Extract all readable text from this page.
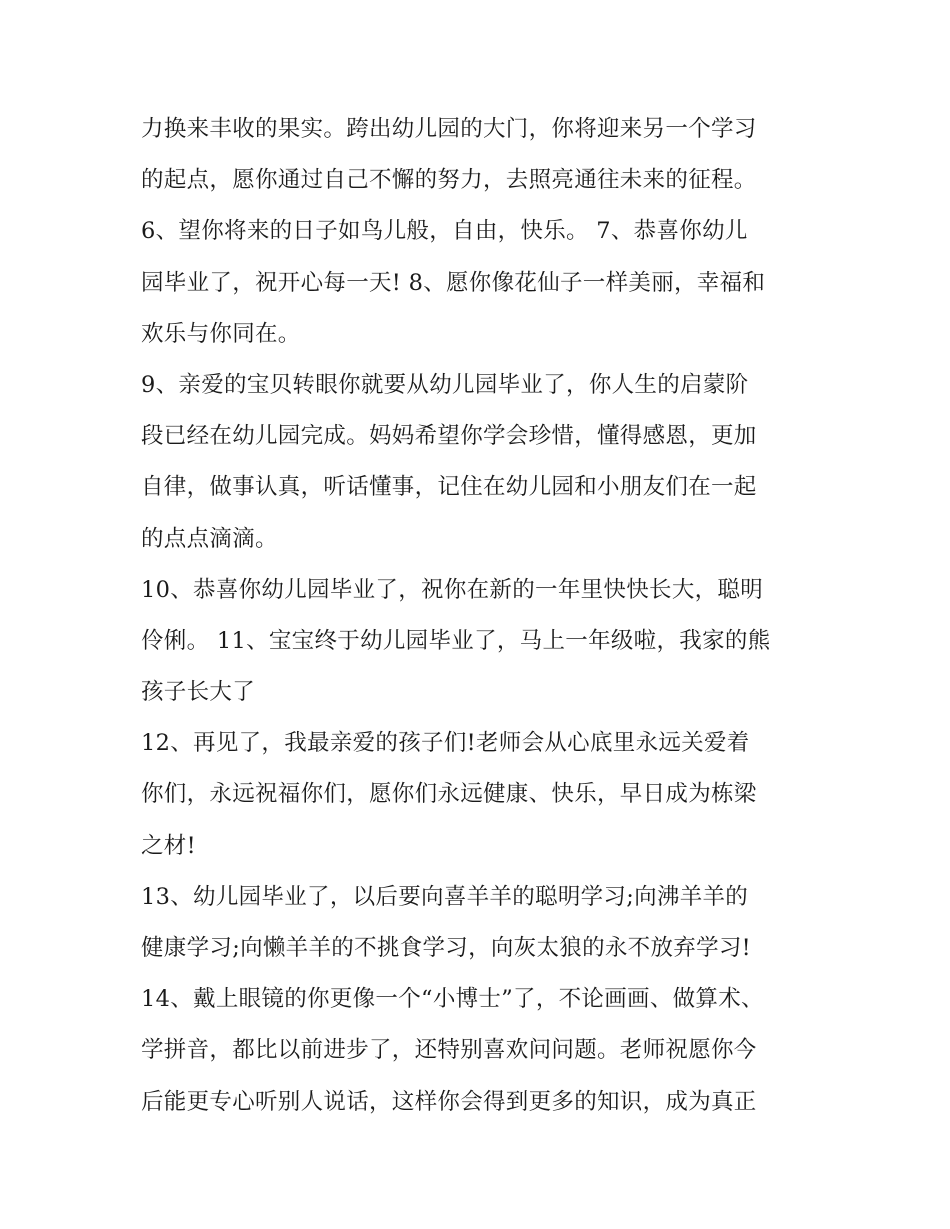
力换来丰收的果实。跨出幼儿园的大门，你将迎来另一个学习
的起点，愿你通过自己不懈的努力，去照亮通往未来的征程。
6、望你将来的日子如鸟儿般，自由，快乐。 7、恭喜你幼儿
园毕业了，祝开心每一天! 8、愿你像花仙子一样美丽，幸福和
欢乐与你同在。
9、亲爱的宝贝转眼你就要从幼儿园毕业了，你人生的启蒙阶
段已经在幼儿园完成。妈妈希望你学会珍惜，懂得感恩，更加
自律，做事认真，听话懂事，记住在幼儿园和小朋友们在一起
的点点滴滴。
10、恭喜你幼儿园毕业了，祝你在新的一年里快快长大，聪明
伶俐。 11、宝宝终于幼儿园毕业了，马上一年级啦，我家的熊
孩子长大了
12、再见了，我最亲爱的孩子们!老师会从心底里永远关爱着
你们，永远祝福你们，愿你们永远健康、快乐，早日成为栋梁
之材!
13、幼儿园毕业了，以后要向喜羊羊的聪明学习;向沸羊羊的
健康学习;向懒羊羊的不挑食学习，向灰太狼的永不放弃学习!
14、戴上眼镜的你更像一个“小博士”了，不论画画、做算术、
学拼音，都比以前进步了，还特别喜欢问问题。老师祝愿你今
后能更专心听别人说话，这样你会得到更多的知识，成为真正
